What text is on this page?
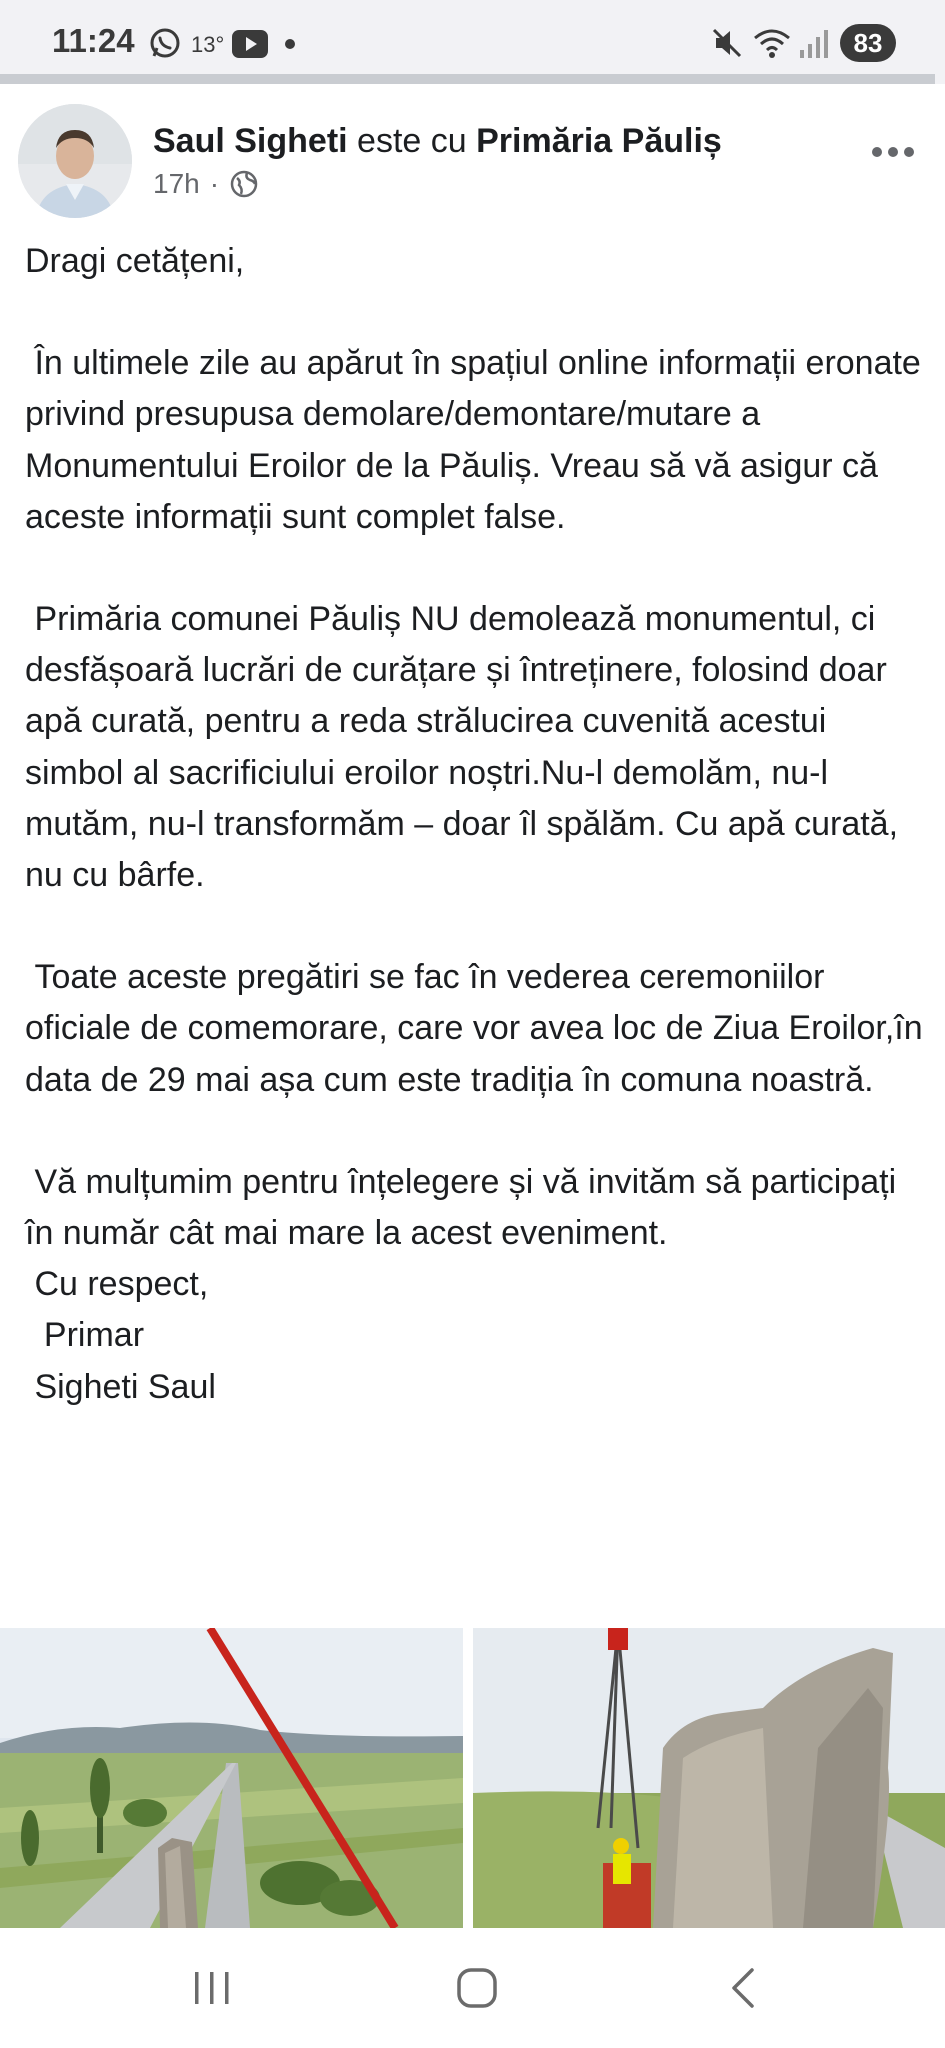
11:24	13°	83
Saul Sigheti este cu Primăria Păuliș
17h ·

Dragi cetățeni,

În ultimele zile au apărut în spațiul online informații eronate privind presupusa demolare/demontare/mutare a Monumentului Eroilor de la Păuliș. Vreau să vă asigur că aceste informații sunt complet false.

Primăria comunei Păuliș NU demolează monumentul, ci desfășoară lucrări de curățare și întreținere, folosind doar apă curată, pentru a reda strălucirea cuvenită acestui simbol al sacrificiului eroilor noștri.Nu-l demolăm, nu-l mutăm, nu-l transformăm – doar îl spălăm. Cu apă curată, nu cu bârfe.

Toate aceste pregătiri se fac în vederea ceremoniilor oficiale de comemorare, care vor avea loc de Ziua Eroilor,în data de 29 mai așa cum este tradiția în comuna noastră.

Vă mulțumim pentru înțelegere și vă invităm să participați în număr cât mai mare la acest eveniment.

Cu respect,

Primar

Sigheti Saul
